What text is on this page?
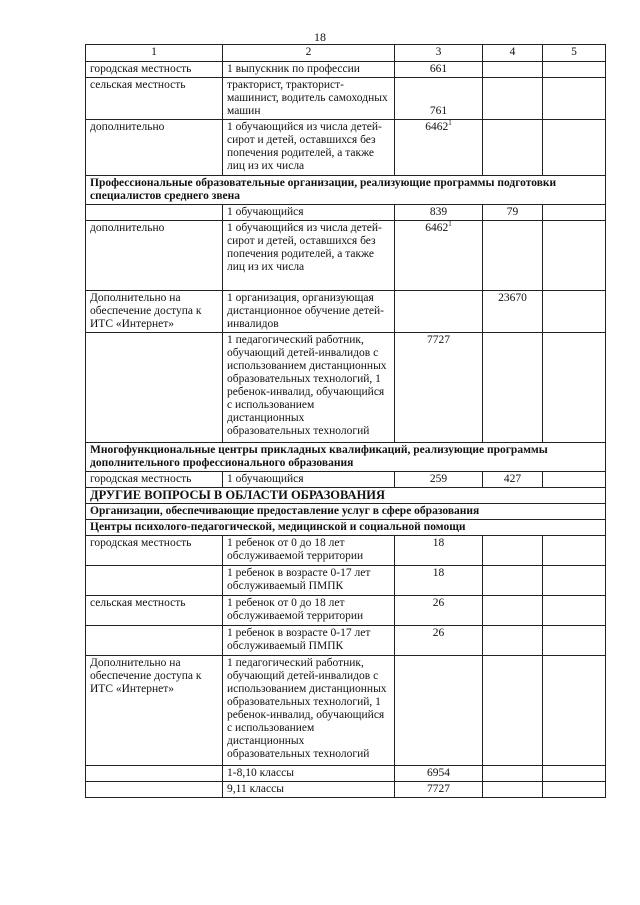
18
1	2	3	4	5
городская местность	1 выпускник по профессии	661		
сельская местность	тракторист, тракторист-машинист, водитель самоходных машин	761		
дополнительно	1 обучающийся из числа детей-сирот и детей, оставшихся без попечения родителей, а также лиц из их числа	6462$^1$		
Профессиональные образовательные организации, реализующие программы подготовки специалистов среднего звена				
	1 обучающийся	839	79	
дополнительно	1 обучающийся из числа детей-сирот и детей, оставшихся без попечения родителей, а также лиц из их числа	6462$^1$		
Дополнительно на обеспечение доступа к ИТС «Интернет»	1 организация, организующая дистанционное обучение детей-инвалидов		23670	
	1 педагогический работник, обучающий детей-инвалидов с использованием дистанционных образовательных технологий, 1 ребенок-инвалид, обучающийся с использованием дистанционных образовательных технологий	7727		
Многофункциональные центры прикладных квалификаций, реализующие программы дополнительного профессионального образования				
городская местность	1 обучающийся	259	427	
ДРУГИЕ ВОПРОСЫ В ОБЛАСТИ ОБРАЗОВАНИЯ				
Организации, обеспечивающие предоставление услуг в сфере образования				
Центры психолого-педагогической, медицинской и социальной помощи				
городская местность	1 ребенок от 0 до 18 лет обслуживаемой территории	18		
	1 ребенок в возрасте 0-17 лет обслуживаемый ПМПК	18		
сельская местность	1 ребенок от 0 до 18 лет обслуживаемой территории	26		
	1 ребенок в возрасте 0-17 лет обслуживаемый ПМПК	26		
Дополнительно на обеспечение доступа к ИТС «Интернет»	1 педагогический работник, обучающий детей-инвалидов с использованием дистанционных образовательных технологий, 1 ребенок-инвалид, обучающийся с использованием дистанционных образовательных технологий			
	1-8,10 классы	6954		
	9,11 классы	7727		
